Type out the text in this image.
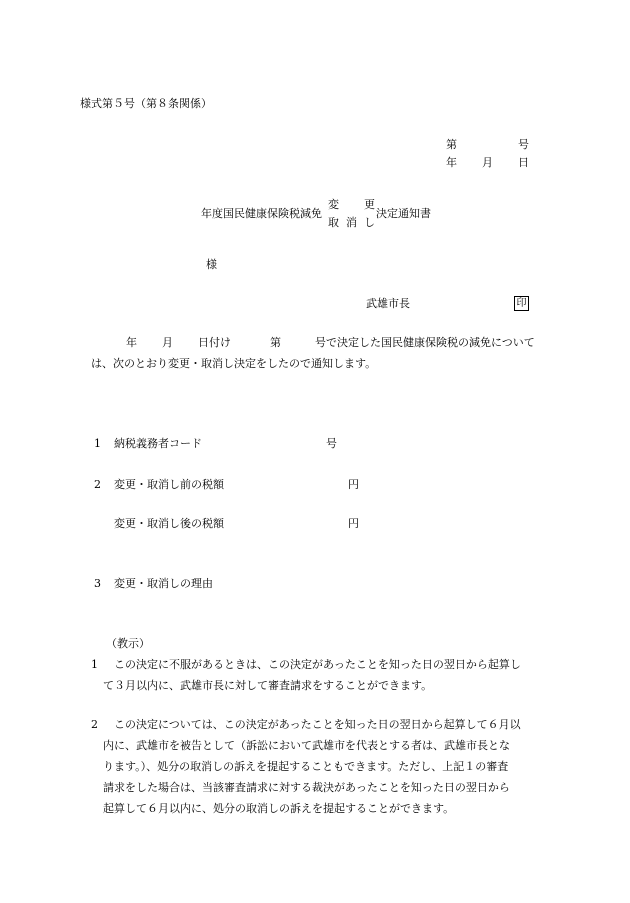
様式第５号（第８条関係）
第	号
年 月 日
年度国民健康保険税減免
変 更
取 消 し
決定通知書
様
武雄市長	印
年 月 日付け	第	号で決定した国民健康保険税の減免について
は、次のとおり変更・取消し決定をしたので通知します。
1 納税義務者コード	号
2 変更・取消し前の税額	円
変更・取消し後の税額	円
3 変更・取消しの理由
（教示）
1 この決定に不服があるときは、この決定があったことを知った日の翌日から起算し
て３月以内に、武雄市長に対して審査請求をすることができます。
2 この決定については、この決定があったことを知った日の翌日から起算して６月以
内に、武雄市を被告として（訴訟において武雄市を代表とする者は、武雄市長とな
ります。）、処分の取消しの訴えを提起することもできます。ただし、上記１の審査
請求をした場合は、当該審査請求に対する裁決があったことを知った日の翌日から
起算して６月以内に、処分の取消しの訴えを提起することができます。
